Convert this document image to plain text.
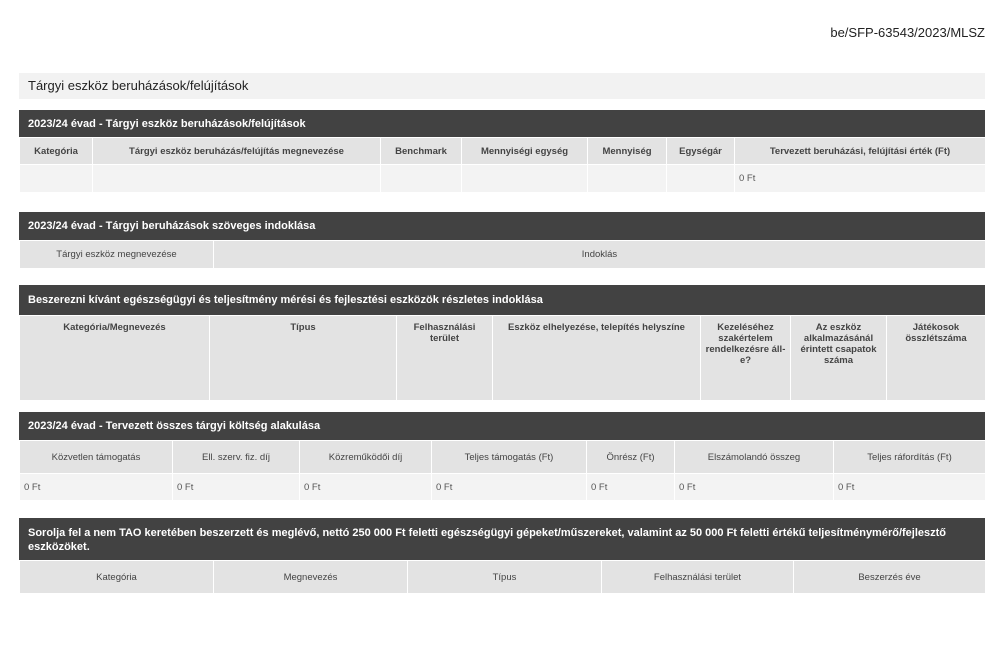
be/SFP-63543/2023/MLSZ
Tárgyi eszköz beruházások/felújítások
2023/24 évad - Tárgyi eszköz beruházások/felújítások
Kategória	Tárgyi eszköz beruházás/felújítás megnevezése	Benchmark	Mennyiségi egység	Mennyiség	Egységár	Tervezett beruházási, felújítási érték (Ft)
						0 Ft
2023/24 évad - Tárgyi beruházások szöveges indoklása
Tárgyi eszköz megnevezése	Indoklás
Beszerezni kívánt egészségügyi és teljesítmény mérési és fejlesztési eszközök részletes indoklása
Kategória/Megnevezés	Típus	Felhasználási terület	Eszköz elhelyezése, telepítés helyszíne	Kezeléséhez szakértelem rendelkezésre áll-e?	Az eszköz alkalmazásánál érintett csapatok száma	Játékosok összlétszáma
2023/24 évad - Tervezett összes tárgyi költség alakulása
Közvetlen támogatás	Ell. szerv. fiz. díj	Közreműködői díj	Teljes támogatás (Ft)	Önrész (Ft)	Elszámolandó összeg	Teljes ráfordítás (Ft)
0 Ft	0 Ft	0 Ft	0 Ft	0 Ft	0 Ft	0 Ft
Sorolja fel a nem TAO keretében beszerzett és meglévő, nettó 250 000 Ft feletti egészségügyi gépeket/műszereket, valamint az 50 000 Ft feletti értékű teljesítménymérő/fejlesztő eszközöket.
Kategória	Megnevezés	Típus	Felhasználási terület	Beszerzés éve
